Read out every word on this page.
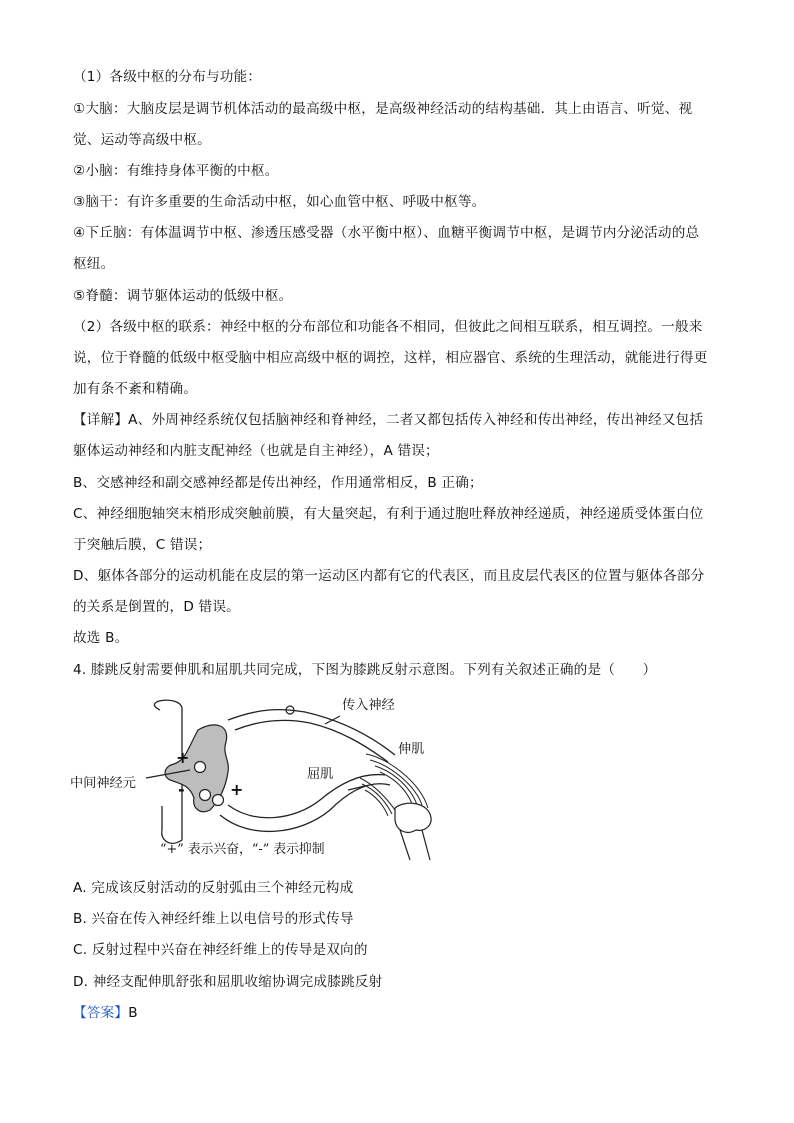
（1）各级中枢的分布与功能：
①大脑：大脑皮层是调节机体活动的最高级中枢，是高级神经活动的结构基础．其上由语言、听觉、视
觉、运动等高级中枢。
②小脑：有维持身体平衡的中枢。
③脑干：有许多重要的生命活动中枢，如心血管中枢、呼吸中枢等。
④下丘脑：有体温调节中枢、渗透压感受器（水平衡中枢）、血糖平衡调节中枢，是调节内分泌活动的总
枢纽。
⑤脊髓：调节躯体运动的低级中枢。
（2）各级中枢的联系：神经中枢的分布部位和功能各不相同，但彼此之间相互联系，相互调控。一般来
说，位于脊髓的低级中枢受脑中相应高级中枢的调控，这样，相应器官、系统的生理活动，就能进行得更
加有条不紊和精确。
【详解】A、外周神经系统仅包括脑神经和脊神经，二者又都包括传入神经和传出神经，传出神经又包括
躯体运动神经和内脏支配神经（也就是自主神经），A 错误；
B、交感神经和副交感神经都是传出神经，作用通常相反，B 正确；
C、神经细胞轴突末梢形成突触前膜，有大量突起，有利于通过胞吐释放神经递质，神经递质受体蛋白位
于突触后膜，C 错误；
D、躯体各部分的运动机能在皮层的第一运动区内都有它的代表区，而且皮层代表区的位置与躯体各部分
的关系是倒置的，D 错误。
故选 B。
4. 膝跳反射需要伸肌和屈肌共同完成，下图为膝跳反射示意图。下列有关叙述正确的是（　　）
传入神经
伸肌
屈肌
中间神经元
+
-	+
“+” 表示兴奋，“-” 表示抑制
A. 完成该反射活动的反射弧由三个神经元构成
B. 兴奋在传入神经纤维上以电信号的形式传导
C. 反射过程中兴奋在神经纤维上的传导是双向的
D. 神经支配伸肌舒张和屈肌收缩协调完成膝跳反射
【答案】B
